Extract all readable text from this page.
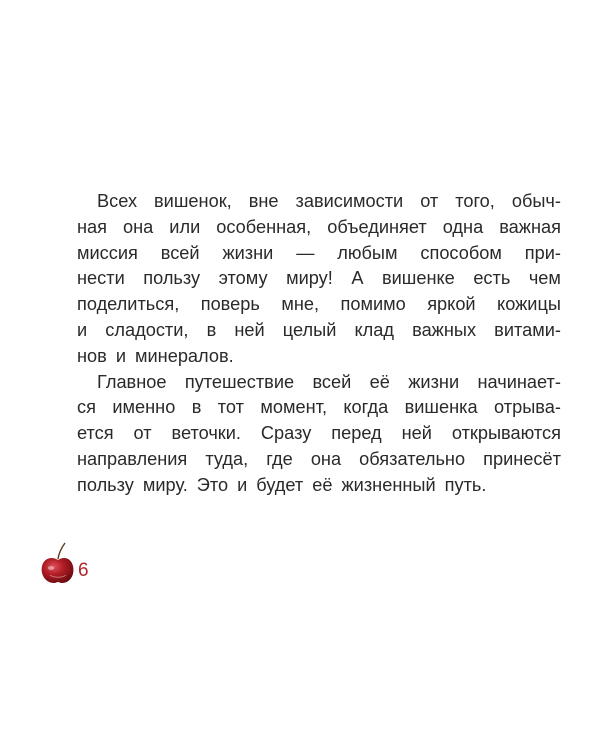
Всех вишенок, вне зависимости от того, обыч-
ная она или особенная, объединяет одна важная
миссия всей жизни — любым способом при-
нести пользу этому миру! А вишенке есть чем
поделиться, поверь мне, помимо яркой кожицы
и сладости, в ней целый клад важных витами-
нов и минералов.
Главное путешествие всей её жизни начинает-
ся именно в тот момент, когда вишенка отрыва-
ется от веточки. Сразу перед ней открываются
направления туда, где она обязательно принесёт
пользу миру. Это и будет её жизненный путь.
6
